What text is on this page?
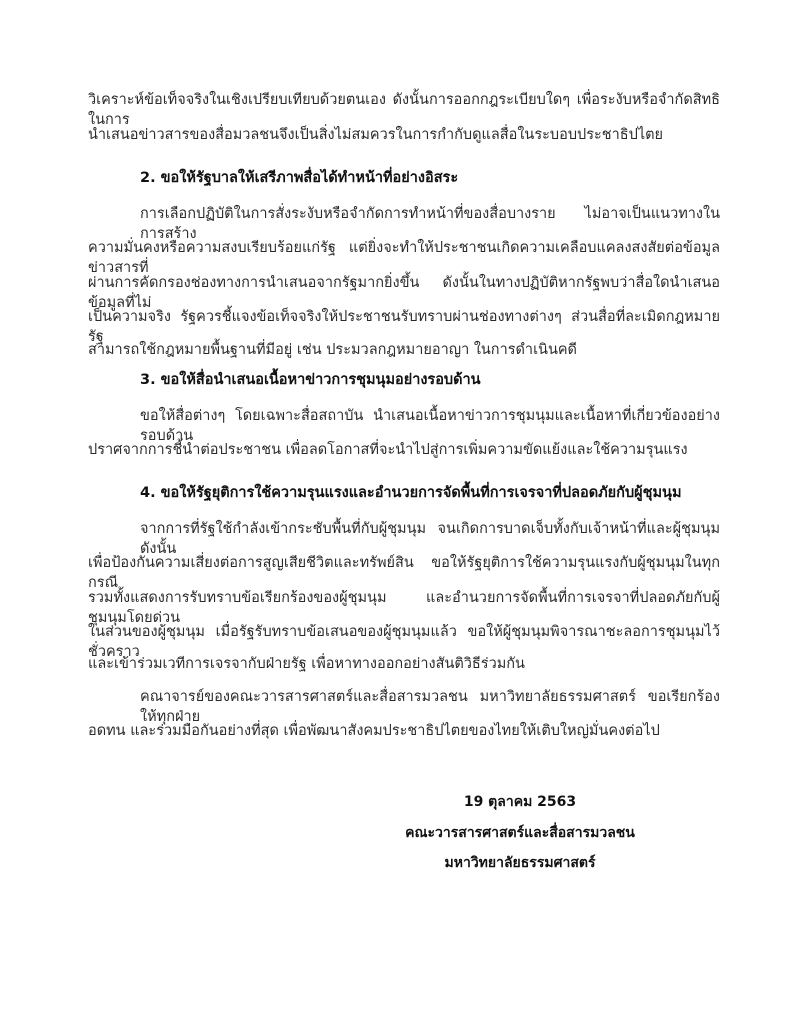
วิเคราะห์ข้อเท็จจริงในเชิงเปรียบเทียบด้วยตนเอง ดังนั้นการออกกฎระเบียบใดๆ เพื่อระงับหรือจำกัดสิทธิในการ
นำเสนอข่าวสารของสื่อมวลชนจึงเป็นสิ่งไม่สมควรในการกำกับดูแลสื่อในระบอบประชาธิปไตย
2. ขอให้รัฐบาลให้เสรีภาพสื่อได้ทำหน้าที่อย่างอิสระ
การเลือกปฏิบัติในการสั่งระงับหรือจำกัดการทำหน้าที่ของสื่อบางราย ไม่อาจเป็นแนวทางในการสร้าง
ความมั่นคงหรือความสงบเรียบร้อยแก่รัฐ แต่ยิ่งจะทำให้ประชาชนเกิดความเคลือบแคลงสงสัยต่อข้อมูลข่าวสารที่
ผ่านการคัดกรองช่องทางการนำเสนอจากรัฐมากยิ่งขึ้น ดังนั้นในทางปฏิบัติหากรัฐพบว่าสื่อใดนำเสนอข้อมูลที่ไม่
เป็นความจริง รัฐควรชี้แจงข้อเท็จจริงให้ประชาชนรับทราบผ่านช่องทางต่างๆ ส่วนสื่อที่ละเมิดกฎหมาย รัฐ
สามารถใช้กฎหมายพื้นฐานที่มีอยู่ เช่น ประมวลกฎหมายอาญา ในการดำเนินคดี
3. ขอให้สื่อนำเสนอเนื้อหาข่าวการชุมนุมอย่างรอบด้าน
ขอให้สื่อต่างๆ โดยเฉพาะสื่อสถาบัน นำเสนอเนื้อหาข่าวการชุมนุมและเนื้อหาที่เกี่ยวข้องอย่างรอบด้าน
ปราศจากการชี้นำต่อประชาชน เพื่อลดโอกาสที่จะนำไปสู่การเพิ่มความขัดแย้งและใช้ความรุนแรง
4. ขอให้รัฐยุติการใช้ความรุนแรงและอำนวยการจัดพื้นที่การเจรจาที่ปลอดภัยกับผู้ชุมนุม
จากการที่รัฐใช้กำลังเข้ากระชับพื้นที่กับผู้ชุมนุม จนเกิดการบาดเจ็บทั้งกับเจ้าหน้าที่และผู้ชุมนุม ดังนั้น
เพื่อป้องกันความเสี่ยงต่อการสูญเสียชีวิตและทรัพย์สิน ขอให้รัฐยุติการใช้ความรุนแรงกับผู้ชุมนุมในทุกกรณี
รวมทั้งแสดงการรับทราบข้อเรียกร้องของผู้ชุมนุม และอำนวยการจัดพื้นที่การเจรจาที่ปลอดภัยกับผู้ชุมนุมโดยด่วน
ในส่วนของผู้ชุมนุม เมื่อรัฐรับทราบข้อเสนอของผู้ชุมนุมแล้ว ขอให้ผู้ชุมนุมพิจารณาชะลอการชุมนุมไว้ชั่วคราว
และเข้าร่วมเวทีการเจรจากับฝ่ายรัฐ เพื่อหาทางออกอย่างสันติวิธีร่วมกัน
คณาจารย์ของคณะวารสารศาสตร์และสื่อสารมวลชน มหาวิทยาลัยธรรมศาสตร์ ขอเรียกร้องให้ทุกฝ่าย
อดทน และร่วมมือกันอย่างที่สุด เพื่อพัฒนาสังคมประชาธิปไตยของไทยให้เติบใหญ่มั่นคงต่อไป
19 ตุลาคม 2563
คณะวารสารศาสตร์และสื่อสารมวลชน
มหาวิทยาลัยธรรมศาสตร์
